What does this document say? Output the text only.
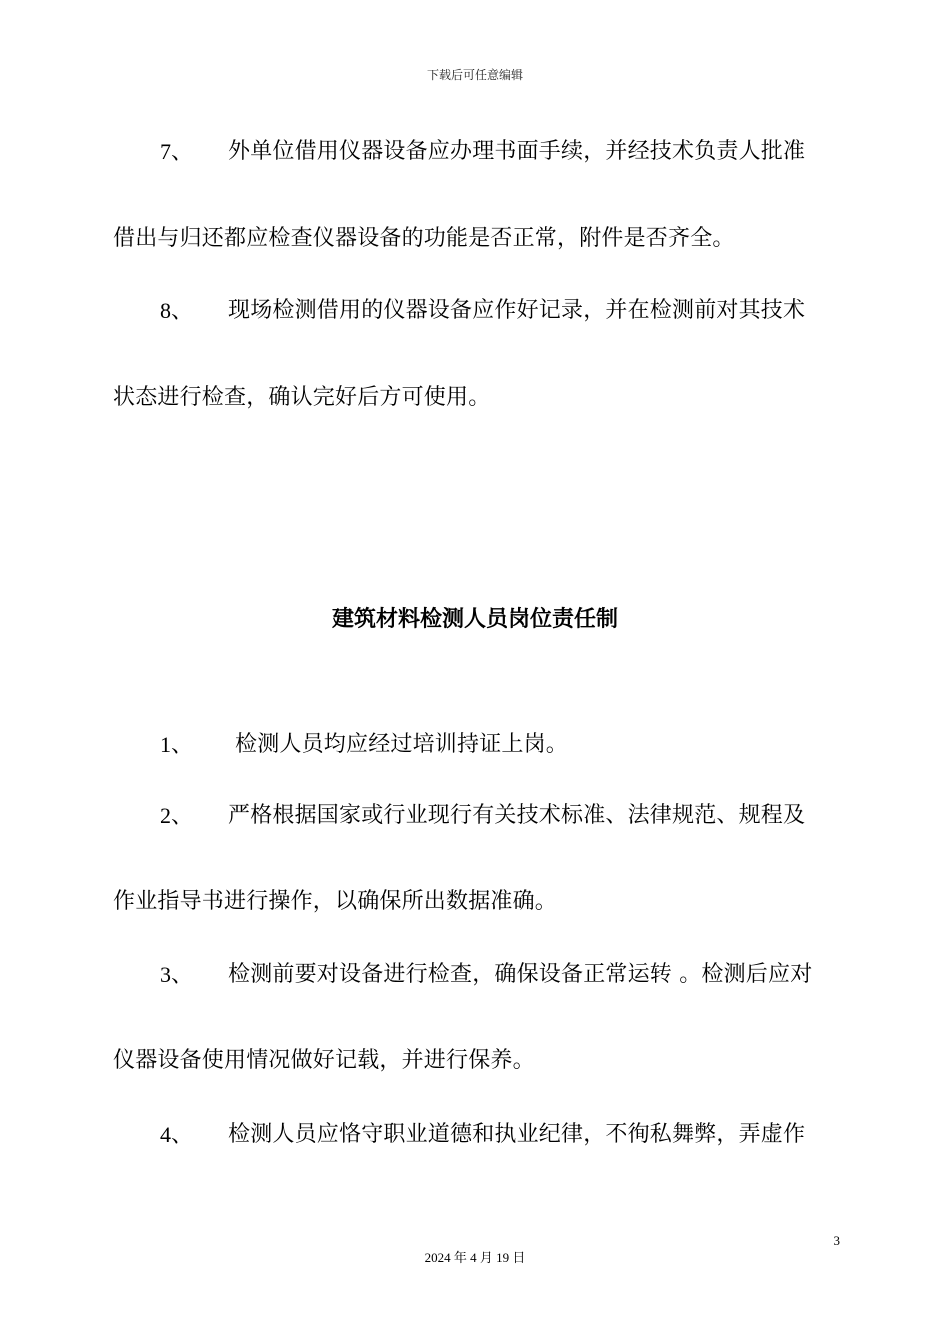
下载后可任意编辑
7、 外单位借用仪器设备应办理书面手续，并经技术负责人批准
借出与归还都应检查仪器设备的功能是否正常，附件是否齐全。
8、 现场检测借用的仪器设备应作好记录，并在检测前对其技术
状态进行检查，确认完好后方可使用。
建筑材料检测人员岗位责任制
1、 检测人员均应经过培训持证上岗。
2、 严格根据国家或行业现行有关技术标准、法律规范、规程及
作业指导书进行操作，以确保所出数据准确。
3、 检测前要对设备进行检查，确保设备正常运转 。检测后应对
仪器设备使用情况做好记载，并进行保养。
4、 检测人员应恪守职业道德和执业纪律，不徇私舞弊，弄虚作
3
2024 年 4 月 19 日
